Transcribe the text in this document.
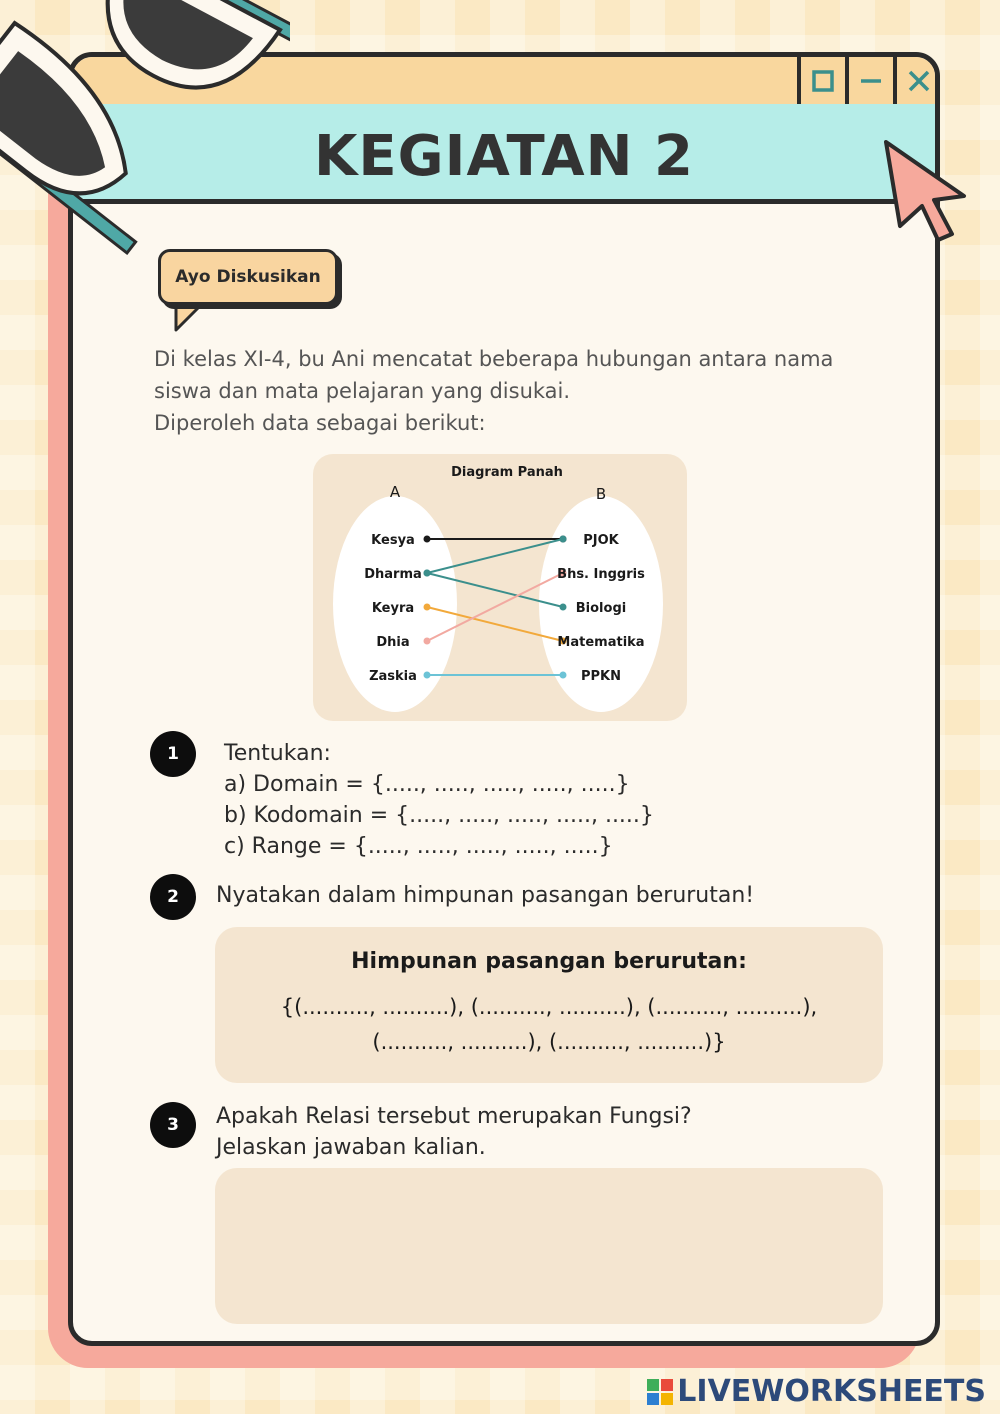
KEGIATAN 2
Ayo Diskusikan
Di kelas XI-4, bu Ani mencatat beberapa hubungan antara nama
siswa dan mata pelajaran yang disukai.
Diperoleh data sebagai berikut:
Diagram Panah
A	B
Kesya
Dharma
Keyra
Dhia
Zaskia
PJOK
Bhs. Inggris
Biologi
Matematika
PPKN
1	Tentukan:
a) Domain = {....., ....., ....., ....., .....}
b) Kodomain = {....., ....., ....., ....., .....}
c) Range = {....., ....., ....., ....., .....}
2	Nyatakan dalam himpunan pasangan berurutan!
Himpunan pasangan berurutan:
{(.........., ..........), (.........., ..........), (.........., ..........),
(.........., ..........), (.........., ..........)}
3	Apakah Relasi tersebut merupakan Fungsi?
Jelaskan jawaban kalian.
LIVEWORKSHEETS
